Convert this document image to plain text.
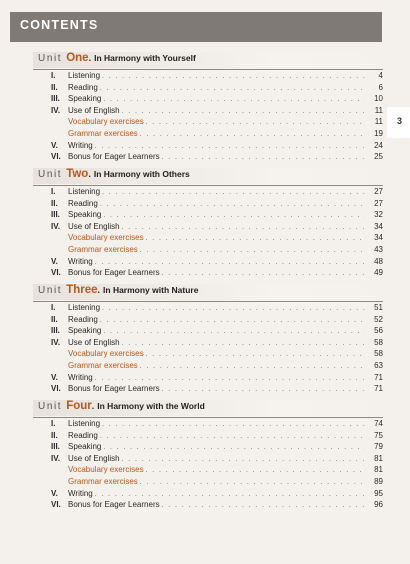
CONTENTS
3
Unit One . In Harmony with Yourself
I.	Listening . . .	4
II.	Reading . . .	6
III.	Speaking . . .	10
IV. Use of English . . .	11
Vocabulary exercises . . .	11
Grammar exercises . . .	19
V.	Writing . . .	24
VI. Bonus for Eager Learners . . .	25
Unit Two . In Harmony with Others
I.	Listening . . .	27
II.	Reading . . .	27
III.	Speaking . . .	32
IV. Use of English . . .	34
Vocabulary exercises . . .	34
Grammar exercises . . .	43
V.	Writing . . .	48
VI. Bonus for Eager Learners . . .	49
Unit Three . In Harmony with Nature
I.	Listening . . .	51
II.	Reading . . .	52
III.	Speaking . . .	56
IV. Use of English . . .	58
Vocabulary exercises . . .	58
Grammar exercises . . .	63
V.	Writing . . .	71
VI. Bonus for Eager Learners . . .	71
Unit Four . In Harmony with the World
I.	Listening . . .	74
II.	Reading . . .	75
III.	Speaking . . .	79
IV. Use of English . . .	81
Vocabulary exercises . . .	81
Grammar exercises . . .	89
V.	Writing . . .	95
VI. Bonus for Eager Learners . . .	96
